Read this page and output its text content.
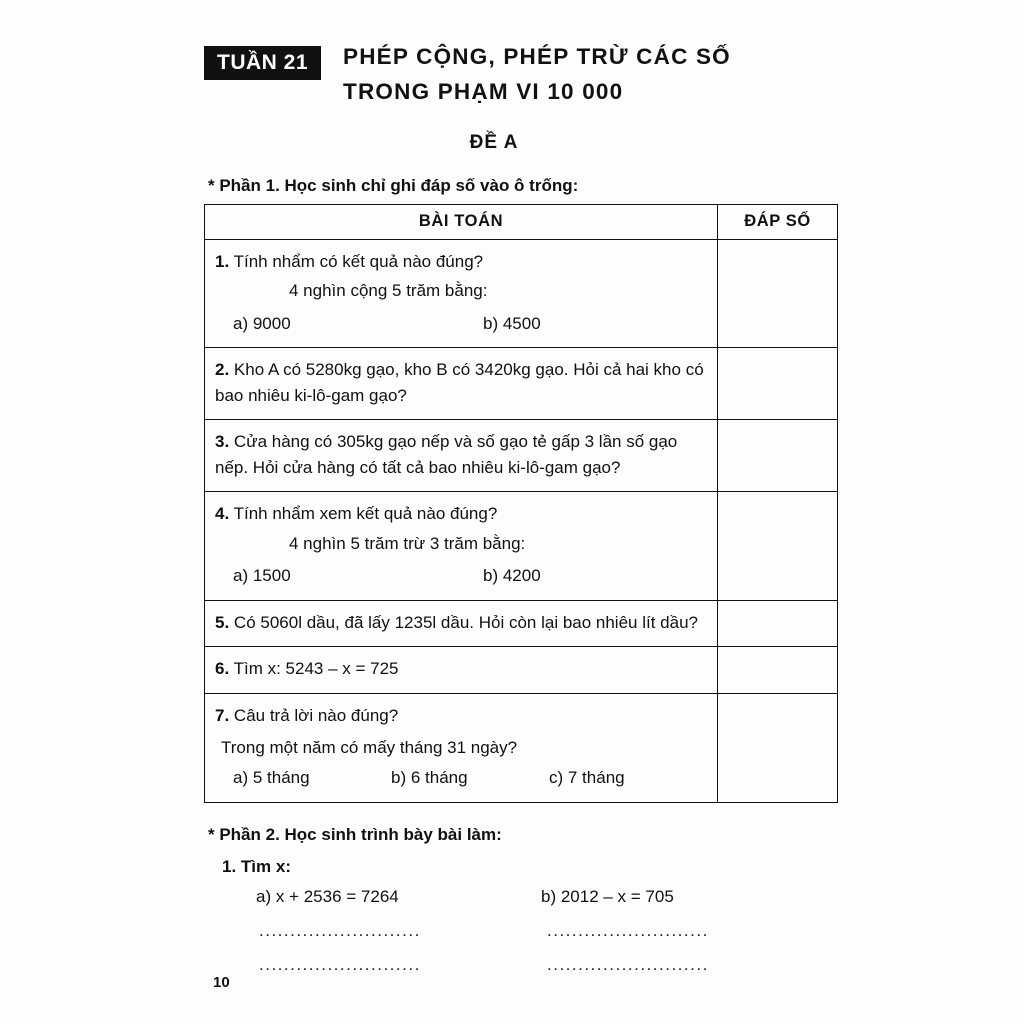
TUẦN 21	PHÉP CỘNG, PHÉP TRỪ CÁC SỐ
TRONG PHẠM VI 10 000
ĐỀ A
* Phần 1. Học sinh chỉ ghi đáp số vào ô trống:
BÀI TOÁN	ĐÁP SỐ

1. Tính nhẩm có kết quả nào đúng?
4 nghìn cộng 5 trăm bằng:
a) 9000 b) 4500	

2. Kho A có 5280kg gạo, kho B có 3420kg gạo. Hỏi cả hai kho có bao nhiêu ki-lô-gam gạo?	

3. Cửa hàng có 305kg gạo nếp và số gạo tẻ gấp 3 lần số gạo nếp. Hỏi cửa hàng có tất cả bao nhiêu ki-lô-gam gạo?	

4. Tính nhẩm xem kết quả nào đúng?
4 nghìn 5 trăm trừ 3 trăm bằng:
a) 1500 b) 4200	

5. Có 5060l dầu, đã lấy 1235l dầu. Hỏi còn lại bao nhiêu lít dầu?	

6. Tìm x: 5243 – x = 725	

7. Câu trả lời nào đúng?
Trong một năm có mấy tháng 31 ngày?
a) 5 tháng b) 6 tháng c) 7 tháng	

* Phần 2. Học sinh trình bày bài làm:
1. Tìm x:
a) x + 2536 = 7264	b) 2012 – x = 705
..........................	..........................
..........................	..........................
10
